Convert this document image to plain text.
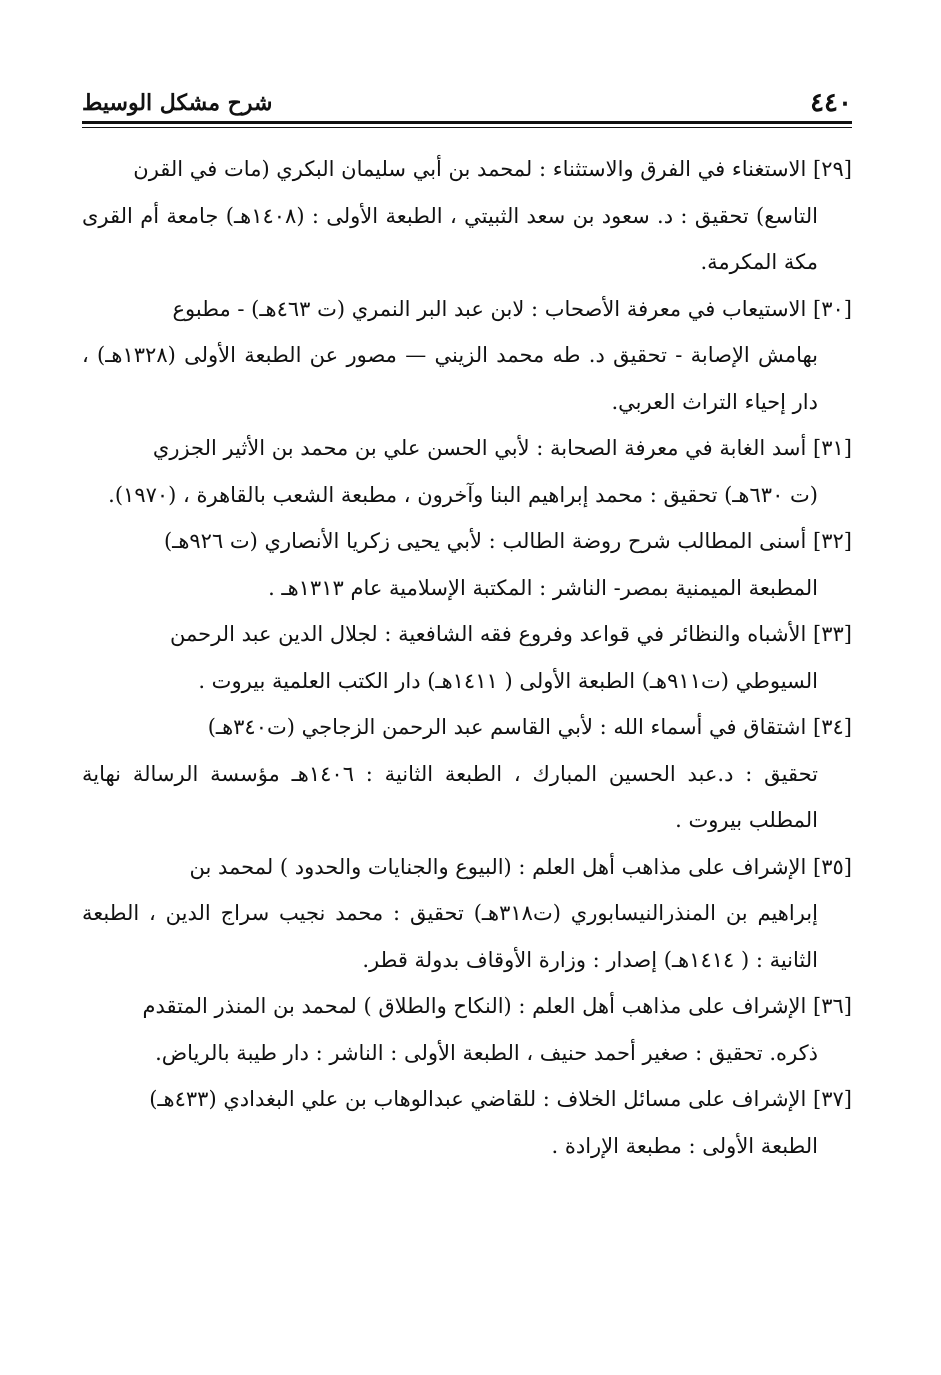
٤٤٠
شرح مشكل الوسيط
[٢٩] الاستغناء في الفرق والاستثناء : لمحمد بن أبي سليمان البكري (مات في القرن
التاسع) تحقيق : د. سعود بن سعد الثبيتي ، الطبعة الأولى : (١٤٠٨هـ) جامعة أم القرى مكة المكرمة.
[٣٠] الاستيعاب في معرفة الأصحاب : لابن عبد البر النمري (ت ٤٦٣هـ) - مطبوع
بهامش الإصابة - تحقيق د. طه محمد الزيني — مصور عن الطبعة الأولى (١٣٢٨هـ) ، دار إحياء التراث العربي.
[٣١] أسد الغابة في معرفة الصحابة : لأبي الحسن علي بن محمد بن الأثير الجزري
(ت ٦٣٠هـ) تحقيق : محمد إبراهيم البنا وآخرون ، مطبعة الشعب بالقاهرة ، (١٩٧٠).
[٣٢] أسنى المطالب شرح روضة الطالب : لأبي يحيى زكريا الأنصاري (ت ٩٢٦هـ)
المطبعة الميمنية بمصر- الناشر : المكتبة الإسلامية عام ١٣١٣هـ .
[٣٣] الأشباه والنظائر في قواعد وفروع فقه الشافعية : لجلال الدين عبد الرحمن
السيوطي (ت٩١١هـ) الطبعة الأولى ( ١٤١١هـ) دار الكتب العلمية بيروت .
[٣٤] اشتقاق في أسماء الله : لأبي القاسم عبد الرحمن الزجاجي (ت٣٤٠هـ)
تحقيق : د.عبد الحسين المبارك ، الطبعة الثانية : ١٤٠٦هـ مؤسسة الرسالة نهاية المطلب بيروت .
[٣٥] الإشراف على مذاهب أهل العلم : (البيوع والجنايات والحدود ) لمحمد بن
إبراهيم بن المنذرالنيسابوري (ت٣١٨هـ) تحقيق : محمد نجيب سراج الدين ، الطبعة الثانية : ( ١٤١٤هـ) إصدار : وزارة الأوقاف بدولة قطر.
[٣٦] الإشراف على مذاهب أهل العلم : (النكاح والطلاق ) لمحمد بن المنذر المتقدم
ذكره. تحقيق : صغير أحمد حنيف ، الطبعة الأولى : الناشر : دار طيبة بالرياض.
[٣٧] الإشراف على مسائل الخلاف : للقاضي عبدالوهاب بن علي البغدادي (٤٣٣هـ)
الطبعة الأولى : مطبعة الإرادة .
